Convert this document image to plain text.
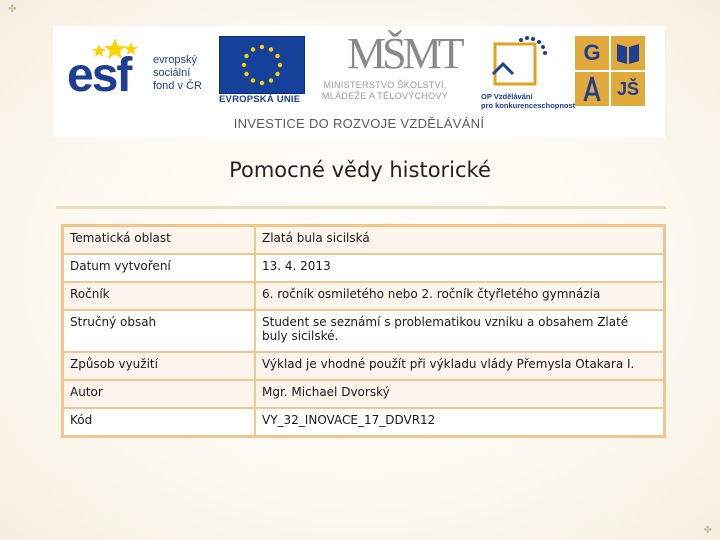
✤
✤
esf evropský
sociální
fond v ČR
EVROPSKÁ UNIE
MŠMT
MINISTERSTVO ŠKOLSTVÍ,
MLÁDEŽE A TĚLOVÝCHOVY	OP Vzdělávání
pro konkurenceschopnost
G
JŠ
INVESTICE DO ROZVOJE VZDĚLÁVÁNÍ
Pomocné vědy historické
Tematická oblast	Zlatá bula sicilská
Datum vytvoření	13. 4. 2013
Ročník	6. ročník osmiletého nebo 2. ročník čtyřletého gymnázia
Stručný obsah	Student se seznámí s problematikou vzniku a obsahem Zlaté buly sicilské.
Způsob využití	Výklad je vhodné použít při výkladu vlády Přemysla Otakara I.
Autor	Mgr. Michael Dvorský
Kód	VY_32_INOVACE_17_DDVR12
